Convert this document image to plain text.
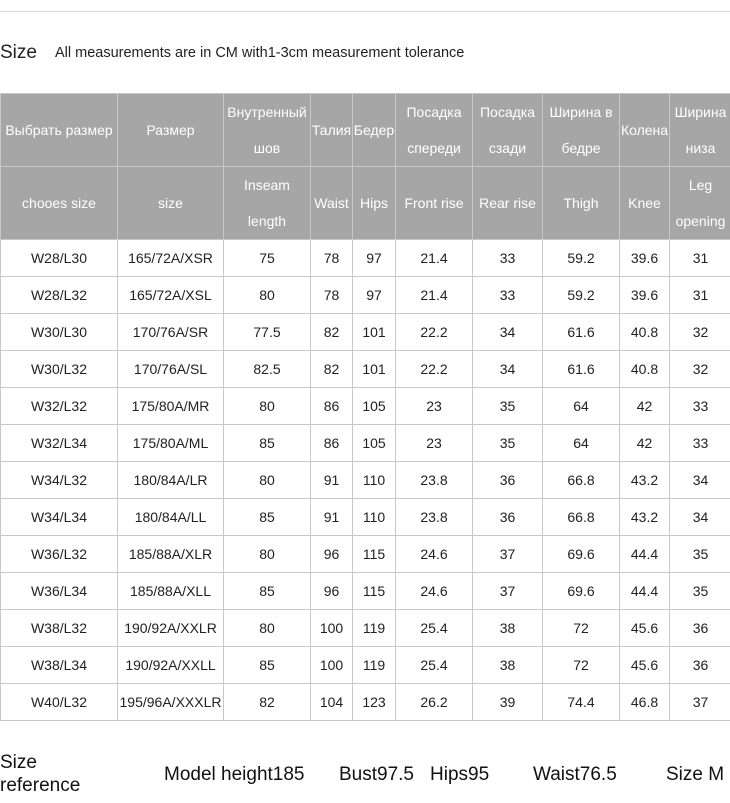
Size All measurements are in CM with1-3cm measurement tolerance
Выбрать размер	Размер	Внутренный шов	Талия	Бедер	Посадка спереди	Посадка сзади	Ширина в бедре	Колена	Ширина низа
chooes size	size	Inseam length	Waist	Hips	Front rise	Rear rise	Thigh	Knee	Leg opening
W28/L30	165/72A/XSR	75	78	97	21.4	33	59.2	39.6	31
W28/L32	165/72A/XSL	80	78	97	21.4	33	59.2	39.6	31
W30/L30	170/76A/SR	77.5	82	101	22.2	34	61.6	40.8	32
W30/L32	170/76A/SL	82.5	82	101	22.2	34	61.6	40.8	32
W32/L32	175/80A/MR	80	86	105	23	35	64	42	33
W32/L34	175/80A/ML	85	86	105	23	35	64	42	33
W34/L32	180/84A/LR	80	91	110	23.8	36	66.8	43.2	34
W34/L34	180/84A/LL	85	91	110	23.8	36	66.8	43.2	34
W36/L32	185/88A/XLR	80	96	115	24.6	37	69.6	44.4	35
W36/L34	185/88A/XLL	85	96	115	24.6	37	69.6	44.4	35
W38/L32	190/92A/XXLR	80	100	119	25.4	38	72	45.6	36
W38/L34	190/92A/XXLL	85	100	119	25.4	38	72	45.6	36
W40/L32	195/96A/XXXLR	82	104	123	26.2	39	74.4	46.8	37
Size reference
Model height185 Bust97.5 Hips95 Waist76.5	Size M
